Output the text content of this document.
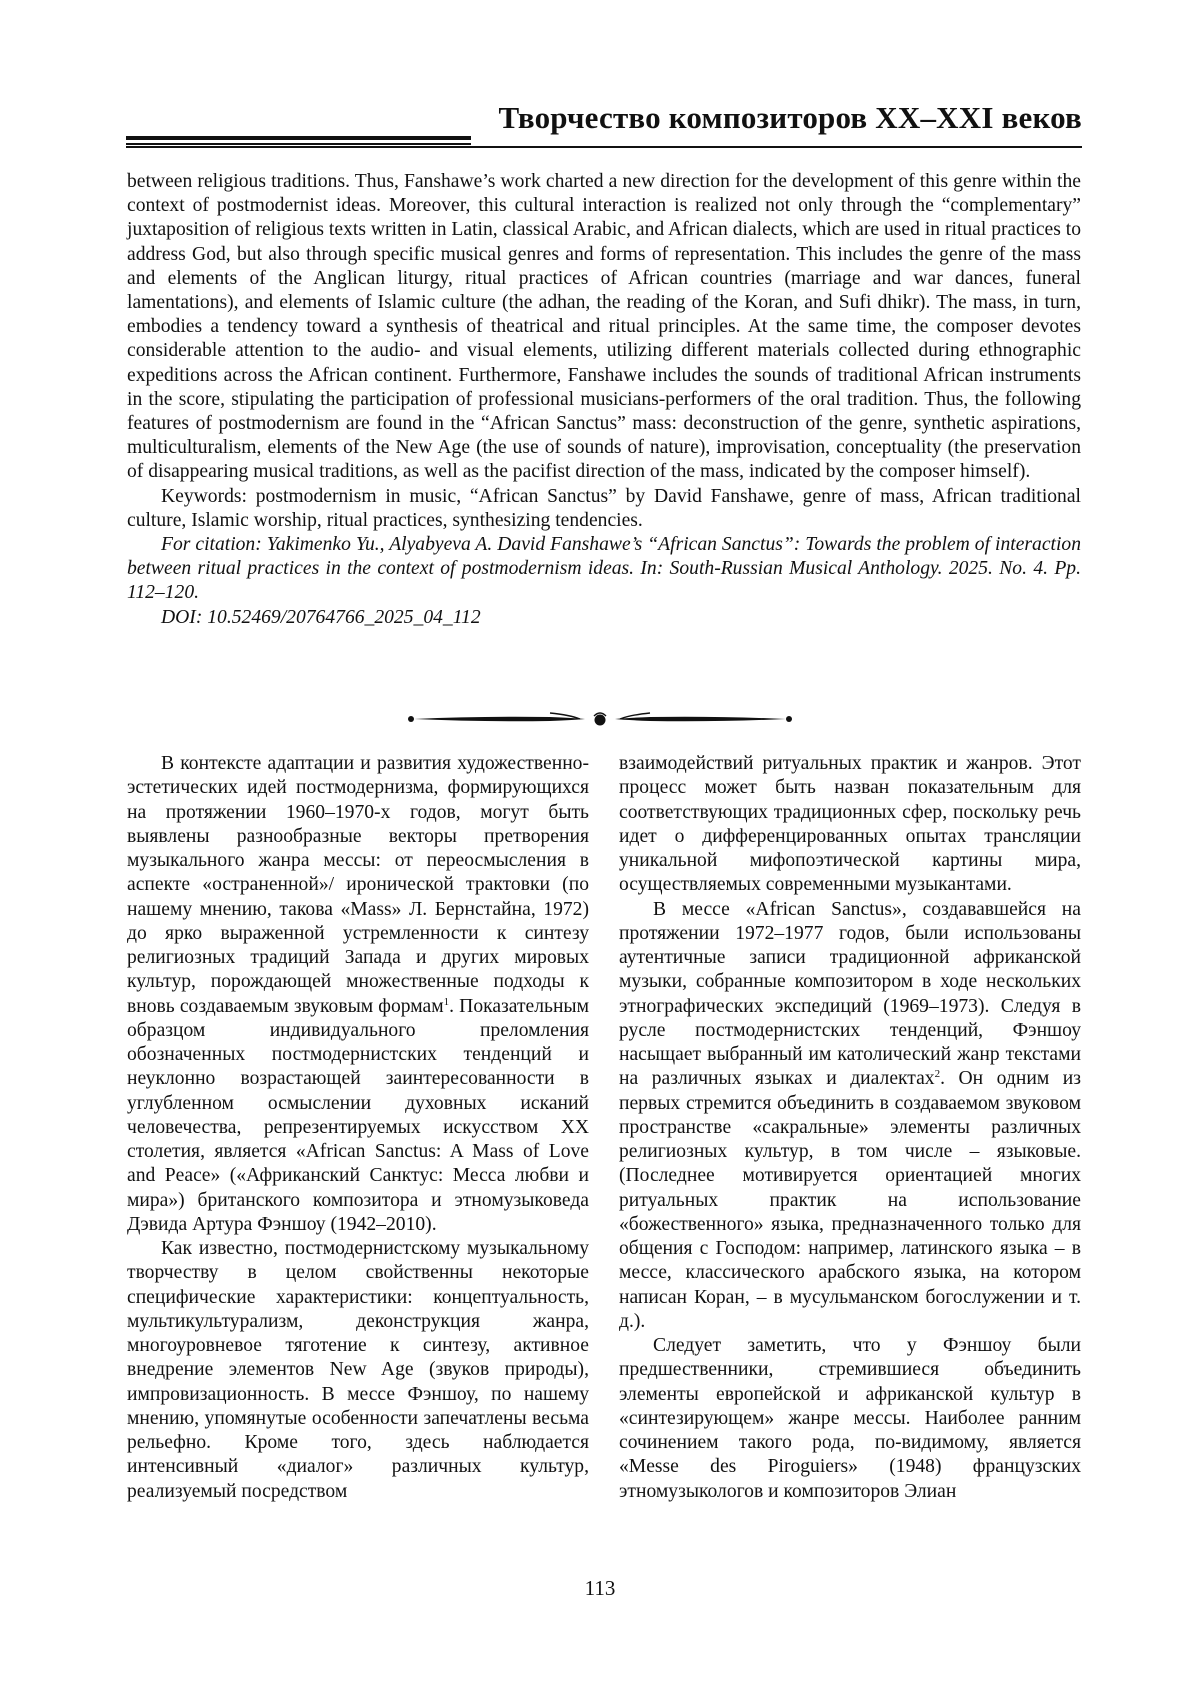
Творчество композиторов XX–XXI веков

between religious traditions. Thus, Fanshawe’s work charted a new direction for the development of this genre within the context of postmodernist ideas. Moreover, this cultural interaction is realized not only through the “complementary” juxtaposition of religious texts written in Latin, classical Arabic, and African dialects, which are used in ritual practices to address God, but also through specific musical genres and forms of representation. This includes the genre of the mass and elements of the Anglican liturgy, ritual practices of African countries (marriage and war dances, funeral lamentations), and elements of Islamic culture (the adhan, the reading of the Koran, and Sufi dhikr). The mass, in turn, embodies a tendency toward a synthesis of theatrical and ritual principles. At the same time, the composer devotes considerable attention to the audio- and visual elements, utilizing different materials collected during ethnographic expeditions across the African continent. Furthermore, Fanshawe includes the sounds of traditional African instruments in the score, stipulating the participation of professional musicians-performers of the oral tradition. Thus, the following features of postmodernism are found in the “African Sanctus” mass: deconstruction of the genre, synthetic aspirations, multiculturalism, elements of the New Age (the use of sounds of nature), improvisation, conceptuality (the preservation of disappearing musical traditions, as well as the pacifist direction of the mass, indicated by the composer himself).

Keywords: postmodernism in music, “African Sanctus” by David Fanshawe, genre of mass, African traditional culture, Islamic worship, ritual practices, synthesizing tendencies.

For citation: Yakimenko Yu., Alyabyeva A. David Fanshawe’s “African Sanctus”: Towards the problem of interaction between ritual practices in the context of postmodernism ideas. In: South-Russian Musical Anthology. 2025. No. 4. Pp. 112–120.

DOI: 10.52469/20764766_2025_04_112

В контексте адаптации и развития художественно-эстетических идей постмодернизма, формирующихся на протяжении 1960–1970-х годов, могут быть выявлены разнообразные векторы претворения музыкального жанра мессы: от переосмысления в аспекте «остраненной»/ иронической трактовки (по нашему мнению, такова «Mass» Л. Бернстайна, 1972) до ярко выраженной устремленности к синтезу религиозных традиций Запада и других мировых культур, порождающей множественные подходы к вновь создаваемым звуковым формам$^1$. Показательным образцом индивидуального преломления обозначенных постмодернистских тенденций и неуклонно возрастающей заинтересованности в углубленном осмыслении духовных исканий человечества, репрезентируемых искусством XX столетия, является «African Sanctus: A Mass of Love and Peace» («Африканский Санктус: Месса любви и мира») британского композитора и этномузыковеда Дэвида Артура Фэншоу (1942–2010).

Как известно, постмодернистскому музыкальному творчеству в целом свойственны некоторые специфические характеристики: концептуальность, мультикультурализм, деконструкция жанра, многоуровневое тяготение к синтезу, активное внедрение элементов New Age (звуков природы), импровизационность. В мессе Фэншоу, по нашему мнению, упомянутые особенности запечатлены весьма рельефно. Кроме того, здесь наблюдается интенсивный «диалог» различных культур, реализуемый посредством

взаимодействий ритуальных практик и жанров. Этот процесс может быть назван показательным для соответствующих традиционных сфер, поскольку речь идет о дифференцированных опытах трансляции уникальной мифопоэтической картины мира, осуществляемых современными музыкантами.

В мессе «African Sanctus», создававшейся на протяжении 1972–1977 годов, были использованы аутентичные записи традиционной африканской музыки, собранные композитором в ходе нескольких этнографических экспедиций (1969–1973). Следуя в русле постмодернистских тенденций, Фэншоу насыщает выбранный им католический жанр текстами на различных языках и диалектах$^2$. Он одним из первых стремится объединить в создаваемом звуковом пространстве «сакральные» элементы различных религиозных культур, в том числе – языковые. (Последнее мотивируется ориентацией многих ритуальных практик на использование «божественного» языка, предназначенного только для общения с Господом: например, латинского языка – в мессе, классического арабского языка, на котором написан Коран, – в мусульманском богослужении и т. д.).

Следует заметить, что у Фэншоу были предшественники, стремившиеся объединить элементы европейской и африканской культур в «синтезирующем» жанре мессы. Наиболее ранним сочинением такого рода, по-видимому, является «Messe des Piroguiers» (1948) французских этномузыкологов и композиторов Элиан

113
